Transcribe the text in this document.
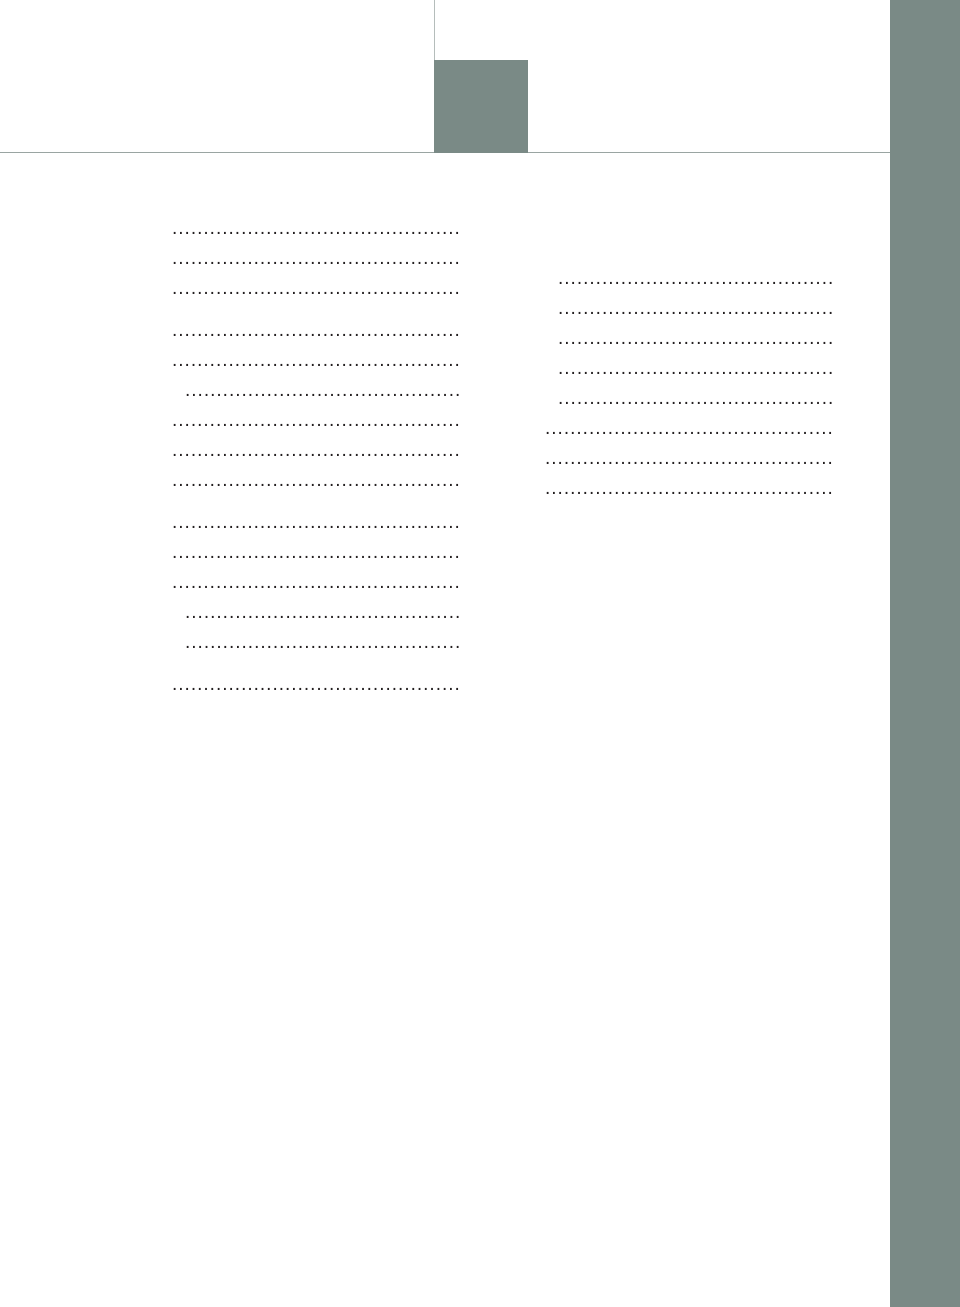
.....
.....
.....
.....
.....
.....
.....
.....
.....
.....
.....
.....
.....
.....
.....

.....
.....
.....
.....
.....
.....
.....
.....
